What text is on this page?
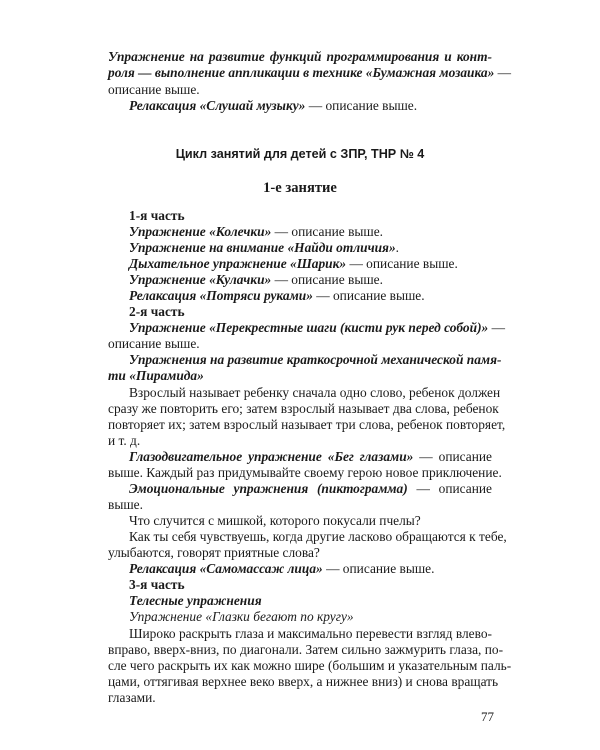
Упражнение на развитие функций программирования и конт-
роля — выполнение аппликации в технике «Бумажная мозаика» —
описание выше.
Релаксация «Слушай музыку» — описание выше.
Цикл занятий для детей с ЗПР, ТНР № 4
1-е занятие
1-я часть
Упражнение «Колечки» — описание выше.
Упражнение на внимание «Найди отличия».
Дыхательное упражнение «Шарик» — описание выше.
Упражнение «Кулачки» — описание выше.
Релаксация «Потряси руками» — описание выше.
2-я часть
Упражнение «Перекрестные шаги (кисти рук перед собой)» —
описание выше.
Упражнения на развитие краткосрочной механической памя-
ти «Пирамида»
Взрослый называет ребенку сначала одно слово, ребенок должен
сразу же повторить его; затем взрослый называет два слова, ребенок
повторяет их; затем взрослый называет три слова, ребенок повторяет,
и т. д.
Глазодвигательное упражнение «Бег глазами» — описание
выше. Каждый раз придумывайте своему герою новое приключение.
Эмоциональные упражнения (пиктограмма) — описание
выше.
Что случится с мишкой, которого покусали пчелы?
Как ты себя чувствуешь, когда другие ласково обращаются к тебе,
улыбаются, говорят приятные слова?
Релаксация «Самомассаж лица» — описание выше.
3-я часть
Телесные упражнения
Упражнение «Глазки бегают по кругу»
Широко раскрыть глаза и максимально перевести взгляд влево-
вправо, вверх-вниз, по диагонали. Затем сильно зажмурить глаза, по-
сле чего раскрыть их как можно шире (большим и указательным паль-
цами, оттягивая верхнее веко вверх, а нижнее вниз) и снова вращать
глазами.
77
